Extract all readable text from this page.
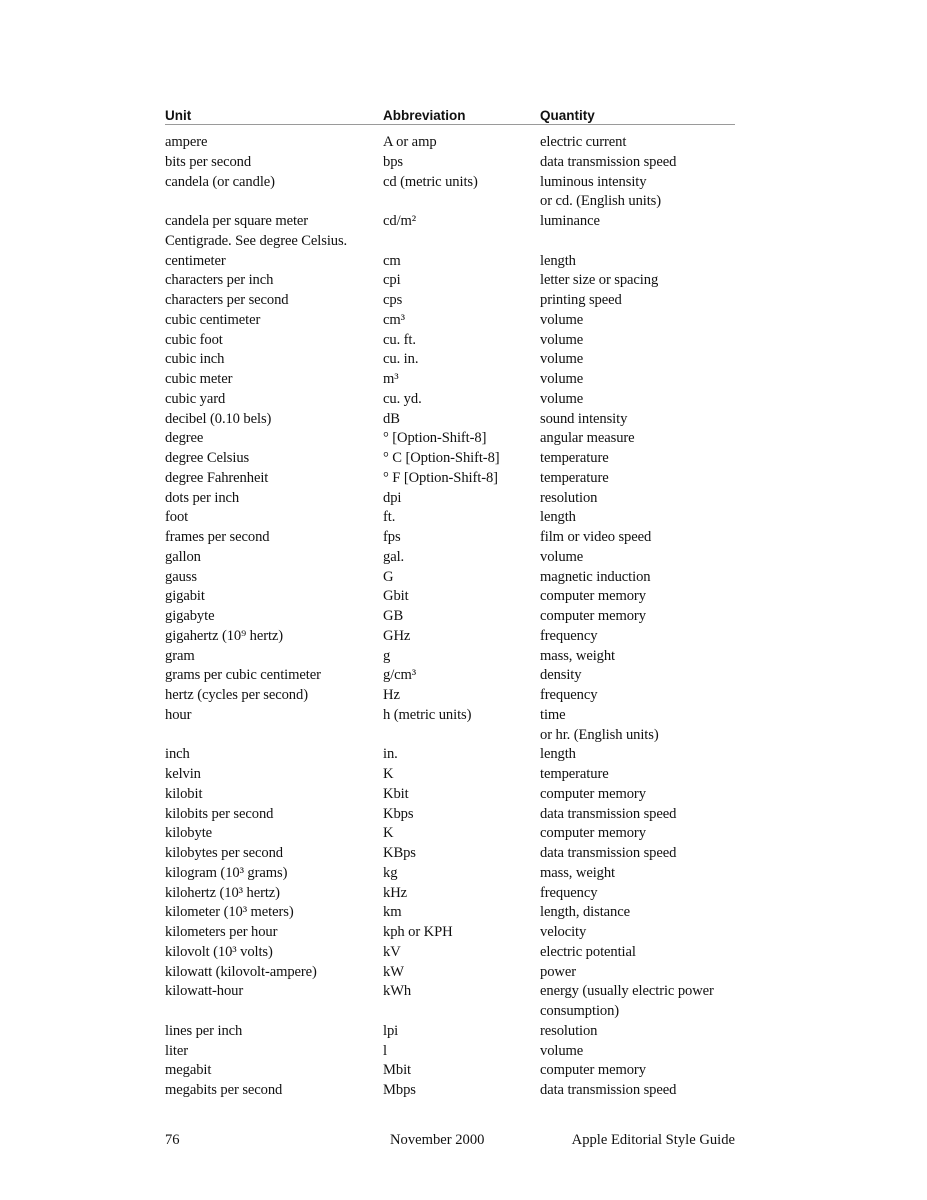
Unit	Abbreviation	Quantity
ampere	A or amp	electric current
bits per second	bps	data transmission speed
candela (or candle)	cd (metric units)	luminous intensity
or cd. (English units)
candela per square meter	cd/m²	luminance
Centigrade. See degree Celsius.
centimeter	cm	length
characters per inch	cpi	letter size or spacing
characters per second	cps	printing speed
cubic centimeter	cm³	volume
cubic foot	cu. ft.	volume
cubic inch	cu. in.	volume
cubic meter	m³	volume
cubic yard	cu. yd.	volume
decibel (0.10 bels)	dB	sound intensity
degree	° [Option-Shift-8]	angular measure
degree Celsius	° C [Option-Shift-8]	temperature
degree Fahrenheit	° F [Option-Shift-8]	temperature
dots per inch	dpi	resolution
foot	ft.	length
frames per second	fps	film or video speed
gallon	gal.	volume
gauss	G	magnetic induction
gigabit	Gbit	computer memory
gigabyte	GB	computer memory
gigahertz (10⁹ hertz)	GHz	frequency
gram	g	mass, weight
grams per cubic centimeter	g/cm³	density
hertz (cycles per second)	Hz	frequency
hour	h (metric units)	time
or hr. (English units)
inch	in.	length
kelvin	K	temperature
kilobit	Kbit	computer memory
kilobits per second	Kbps	data transmission speed
kilobyte	K	computer memory
kilobytes per second	KBps	data transmission speed
kilogram (10³ grams)	kg	mass, weight
kilohertz (10³ hertz)	kHz	frequency
kilometer (10³ meters)	km	length, distance
kilometers per hour	kph or KPH	velocity
kilovolt (10³ volts)	kV	electric potential
kilowatt (kilovolt-ampere)	kW	power
kilowatt-hour	kWh	energy (usually electric power
consumption)
lines per inch	lpi	resolution
liter	l	volume
megabit	Mbit	computer memory
megabits per second	Mbps	data transmission speed
76	November 2000	Apple Editorial Style Guide
